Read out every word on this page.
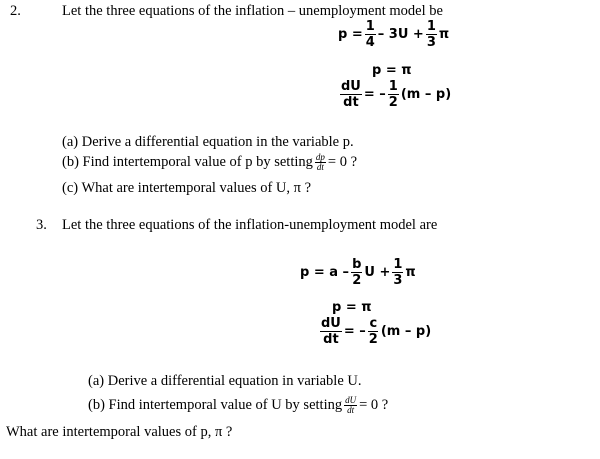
2.	Let the three equations of the inflation – unemployment model be
$p = \frac{1}{4} - 3U + \frac{1}{3}$ π
p = π
$\frac{dU}{dt}$ = – $\frac{1}{2} (m - p)$
(a) Derive a differential equation in the variable p.
(b) Find intertemporal value of p by setting $\frac{dp}{dt} = 0$ ?
(c) What are intertemporal values of U, π ?
3. Let the three equations of the inflation-unemployment model are
$p = a - \frac{b}{2}$ $U + \frac{1}{3}$ π
p = π
$\frac{dU}{dt}$ = – $\frac{c}{2} (m - p)$
(a) Derive a differential equation in variable U.
(b) Find intertemporal value of U by setting $\frac{dU}{dt} = 0$ ?
What are intertemporal values of p, π ?
